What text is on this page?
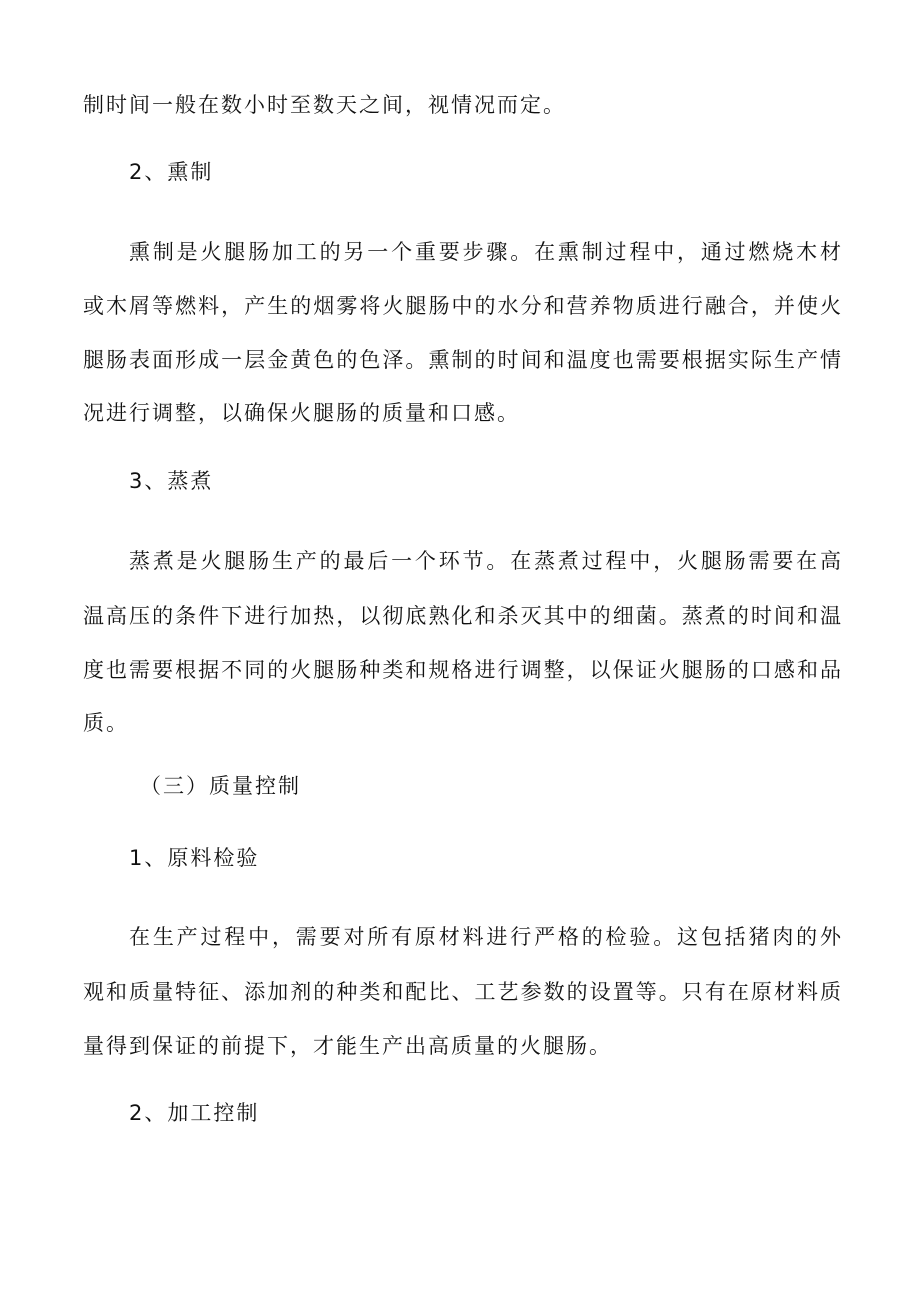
制时间一般在数小时至数天之间，视情况而定。
2、熏制
熏制是火腿肠加工的另一个重要步骤。在熏制过程中，通过燃烧木材
或木屑等燃料，产生的烟雾将火腿肠中的水分和营养物质进行融合，并使火
腿肠表面形成一层金黄色的色泽。熏制的时间和温度也需要根据实际生产情
况进行调整，以确保火腿肠的质量和口感。
3、蒸煮
蒸煮是火腿肠生产的最后一个环节。在蒸煮过程中，火腿肠需要在高
温高压的条件下进行加热，以彻底熟化和杀灭其中的细菌。蒸煮的时间和温
度也需要根据不同的火腿肠种类和规格进行调整，以保证火腿肠的口感和品
质。
（三）质量控制
1、原料检验
在生产过程中，需要对所有原材料进行严格的检验。这包括猪肉的外
观和质量特征、添加剂的种类和配比、工艺参数的设置等。只有在原材料质
量得到保证的前提下，才能生产出高质量的火腿肠。
2、加工控制
